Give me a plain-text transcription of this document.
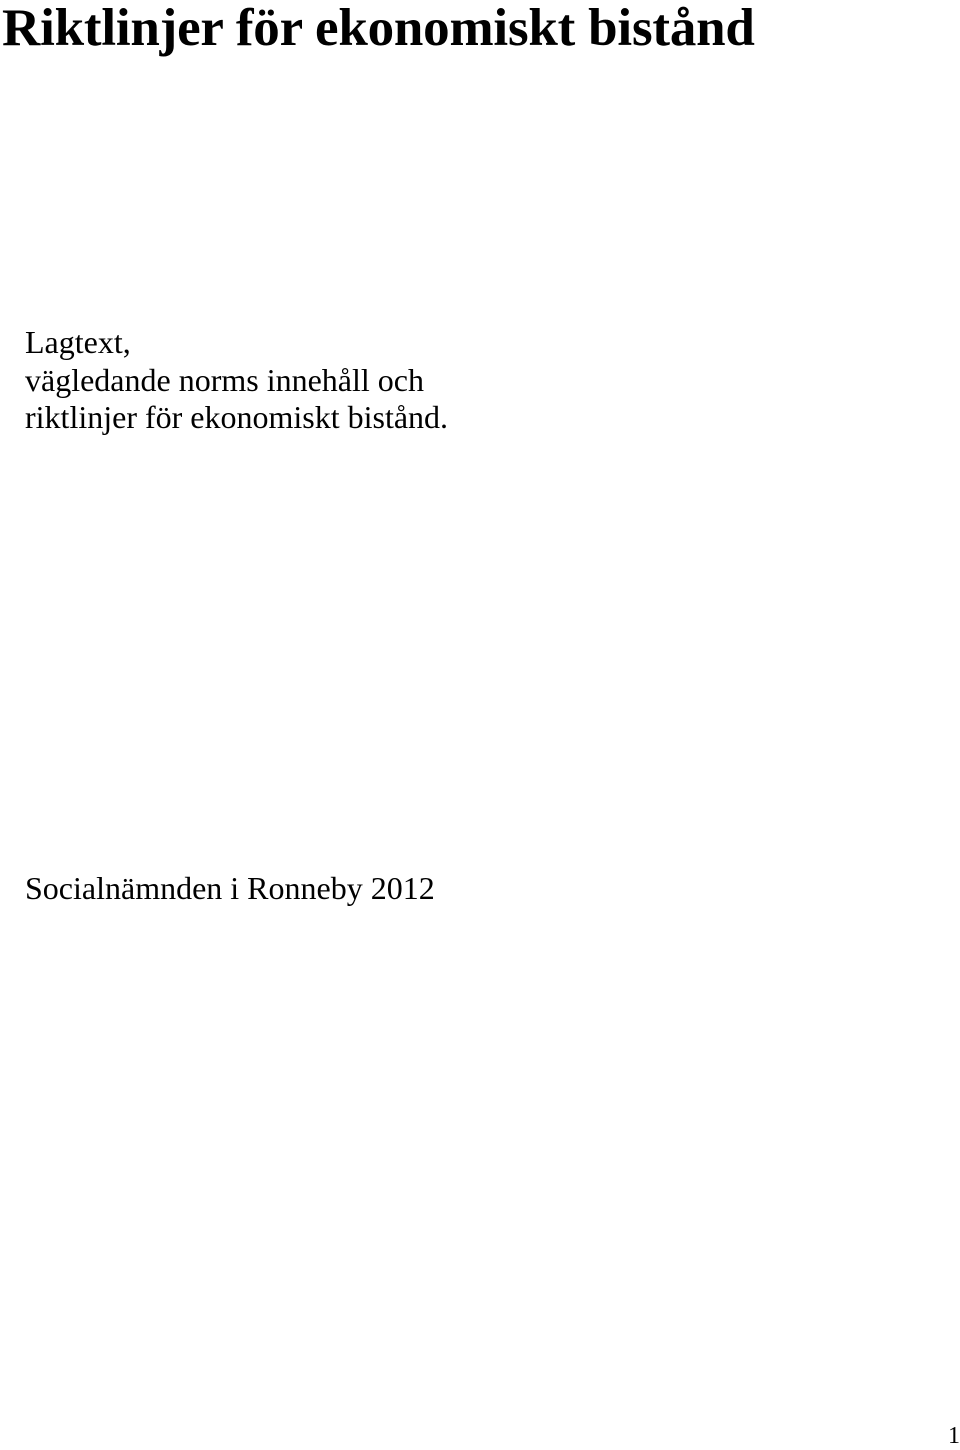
Riktlinjer för ekonomiskt bistånd

Lagtext,
vägledande norms innehåll och
riktlinjer för ekonomiskt bistånd.

Socialnämnden i Ronneby 2012

1
